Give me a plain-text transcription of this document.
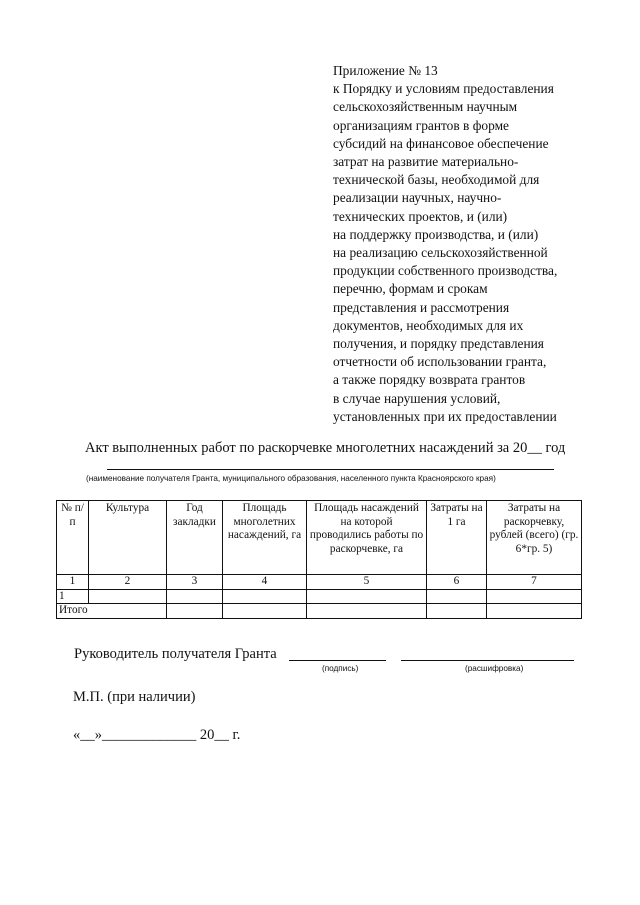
Приложение № 13
к Порядку и условиям предоставления
сельскохозяйственным научным
организациям грантов в форме
субсидий на финансовое обеспечение
затрат на развитие материально-
технической базы, необходимой для
реализации научных, научно-
технических проектов, и (или)
на поддержку производства, и (или)
на реализацию сельскохозяйственной
продукции собственного производства,
перечню, формам и срокам
представления и рассмотрения
документов, необходимых для их
получения, и порядку представления
отчетности об использовании гранта,
а также порядку возврата грантов
в случае нарушения условий,
установленных при их предоставлении
Акт выполненных работ по раскорчевке многолетних насаждений за 20__ год
(наименование получателя Гранта, муниципального образования, населенного пункта Красноярского края)
№ п/п	Культура	Год закладки	Площадь многолетних насаждений, га	Площадь насаждений на которой проводились работы по раскорчевке, га	Затраты на 1 га	Затраты на раскорчевку, рублей (всего) (гр. 6*гр. 5)
1	2	3	4	5	6	7
1						
Итого						
Руководитель получателя Гранта
(подпись)	(расшифровка)
М.П. (при наличии)
«__»_____________ 20__ г.
